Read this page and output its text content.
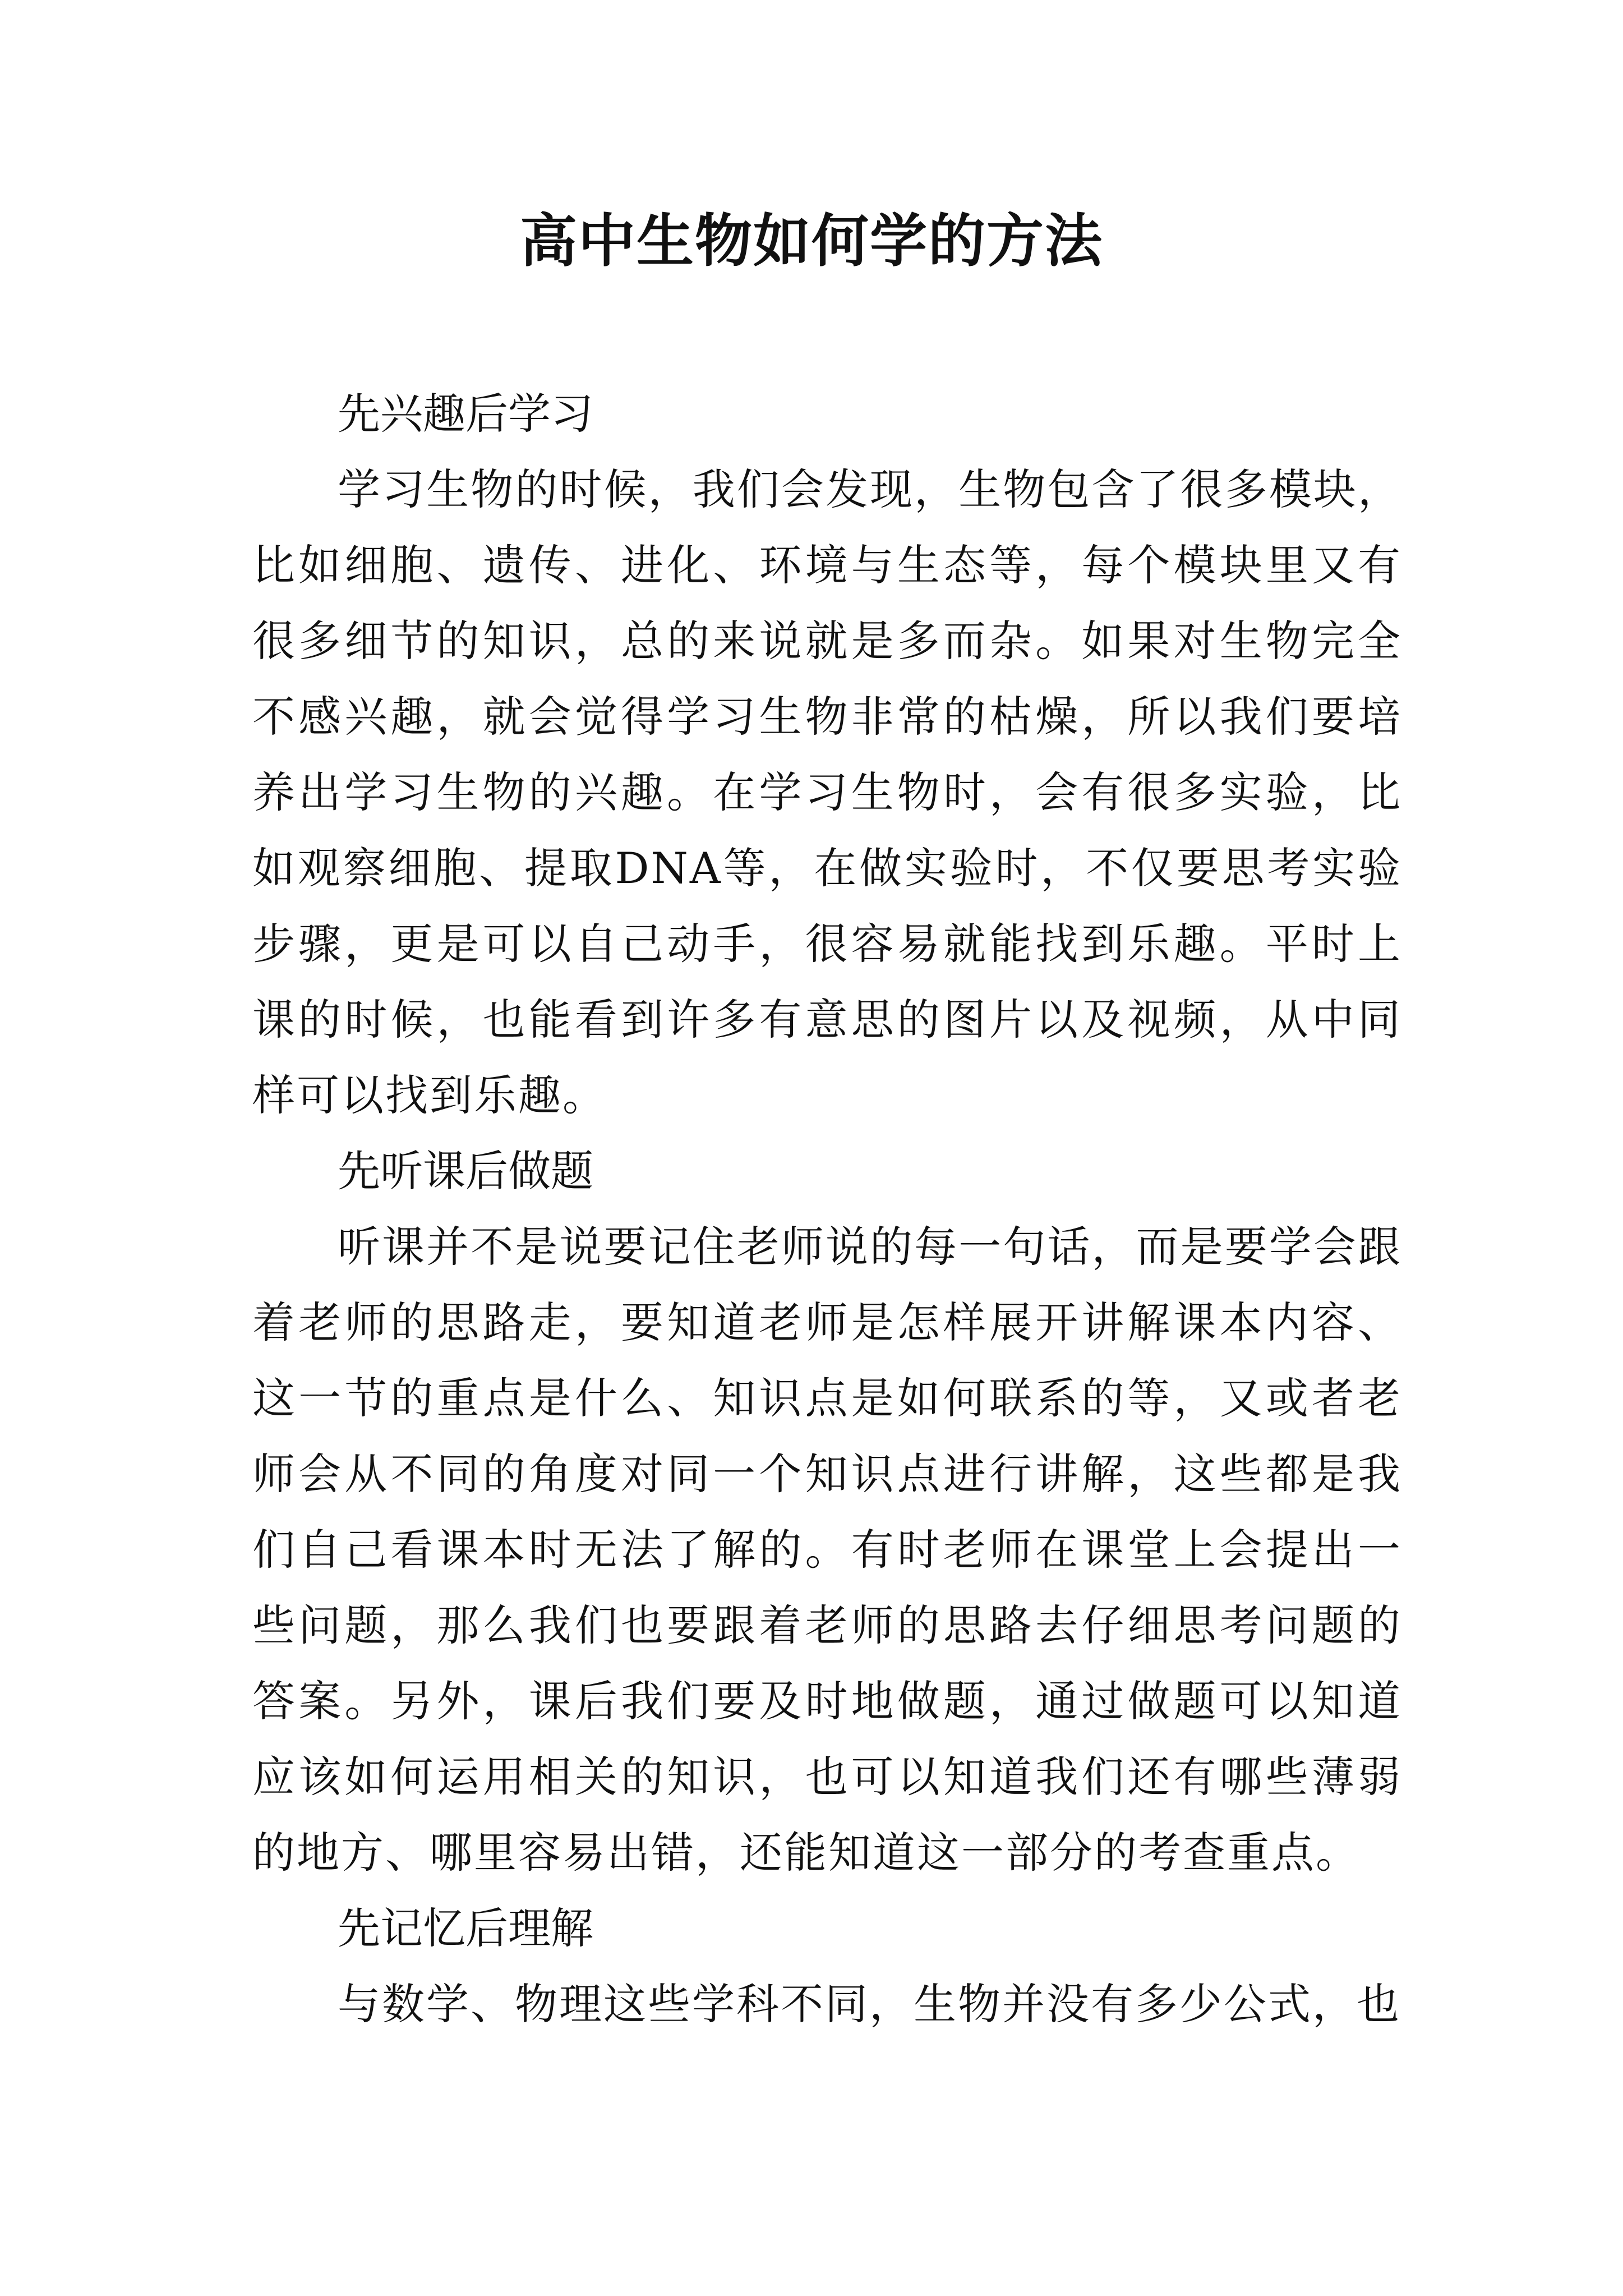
高中生物如何学的方法
先兴趣后学习

学习生物的时候，我们会发现，生物包含了很多模块，比如细胞、遗传、进化、环境与生态等，每个模块里又有很多细节的知识，总的来说就是多而杂。如果对生物完全不感兴趣，就会觉得学习生物非常的枯燥，所以我们要培养出学习生物的兴趣。在学习生物时，会有很多实验，比如观察细胞、提取DNA等，在做实验时，不仅要思考实验步骤，更是可以自己动手，很容易就能找到乐趣。平时上课的时候，也能看到许多有意思的图片以及视频，从中同样可以找到乐趣。

先听课后做题

听课并不是说要记住老师说的每一句话，而是要学会跟着老师的思路走，要知道老师是怎样展开讲解课本内容、这一节的重点是什么、知识点是如何联系的等，又或者老师会从不同的角度对同一个知识点进行讲解，这些都是我们自己看课本时无法了解的。有时老师在课堂上会提出一些问题，那么我们也要跟着老师的思路去仔细思考问题的答案。另外，课后我们要及时地做题，通过做题可以知道应该如何运用相关的知识，也可以知道我们还有哪些薄弱的地方、哪里容易出错，还能知道这一部分的考查重点。

先记忆后理解

与数学、物理这些学科不同，生物并没有多少公式，也
